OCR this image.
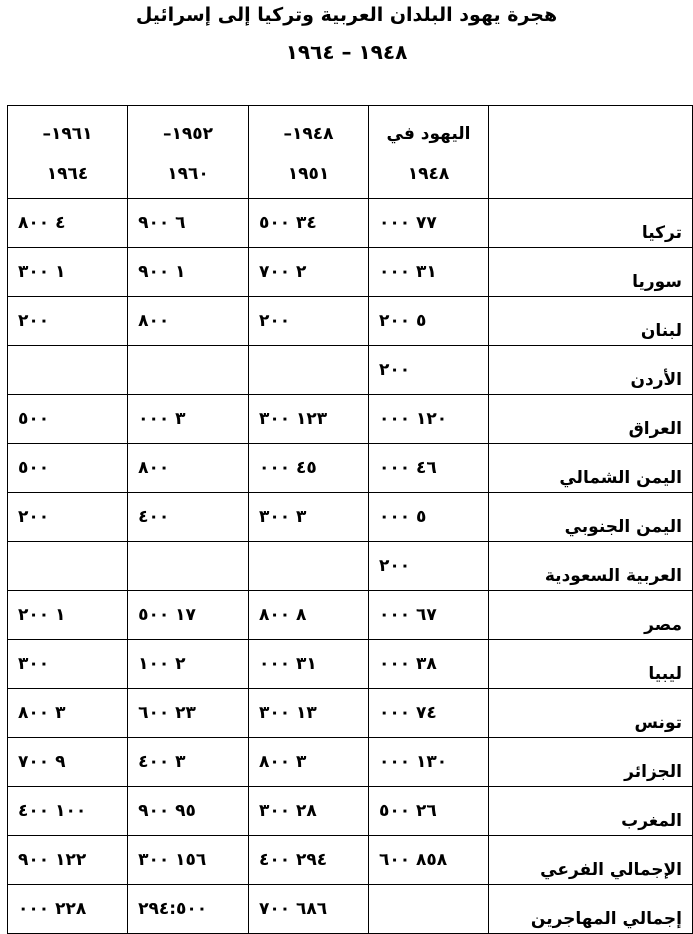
هجرة يهود البلدان العربية وتركيا إلى إسرائيل
١٩٤٨ – ١٩٦٤
	اليهود في١٩٤٨	١٩٤٨–١٩٥١	١٩٥٢–١٩٦٠	١٩٦١–١٩٦٤
تركيا	٧٧ ٠٠٠	٣٤ ٥٠٠	٦ ٩٠٠	٤ ٨٠٠
سوريا	٣١ ٠٠٠	٢ ٧٠٠	١ ٩٠٠	١ ٣٠٠
لبنان	٥ ٢٠٠	٢٠٠	٨٠٠	٢٠٠
الأردن	٢٠٠			
العراق	١٢٠ ٠٠٠	١٢٣ ٣٠٠	٣ ٠٠٠	٥٠٠
اليمن الشمالي	٤٦ ٠٠٠	٤٥ ٠٠٠	٨٠٠	٥٠٠
اليمن الجنوبي	٥ ٠٠٠	٣ ٣٠٠	٤٠٠	٢٠٠
العربية السعودية	٢٠٠			
مصر	٦٧ ٠٠٠	٨ ٨٠٠	١٧ ٥٠٠	١ ٢٠٠
ليبيا	٣٨ ٠٠٠	٣١ ٠٠٠	٢ ١٠٠	٣٠٠
تونس	٧٤ ٠٠٠	١٣ ٣٠٠	٢٣ ٦٠٠	٣ ٨٠٠
الجزائر	١٣٠ ٠٠٠	٣ ٨٠٠	٣ ٤٠٠	٩ ٧٠٠
المغرب	٢٦ ٥٠٠	٢٨ ٣٠٠	٩٥ ٩٠٠	١٠٠ ٤٠٠
الإجمالي الفرعي	٨٥٨ ٦٠٠	٢٩٤ ٤٠٠	١٥٦ ٣٠٠	١٢٢ ٩٠٠
إجمالي المهاجرين		٦٨٦ ٧٠٠	٢٩٤:٥٠٠	٢٢٨ ٠٠٠
